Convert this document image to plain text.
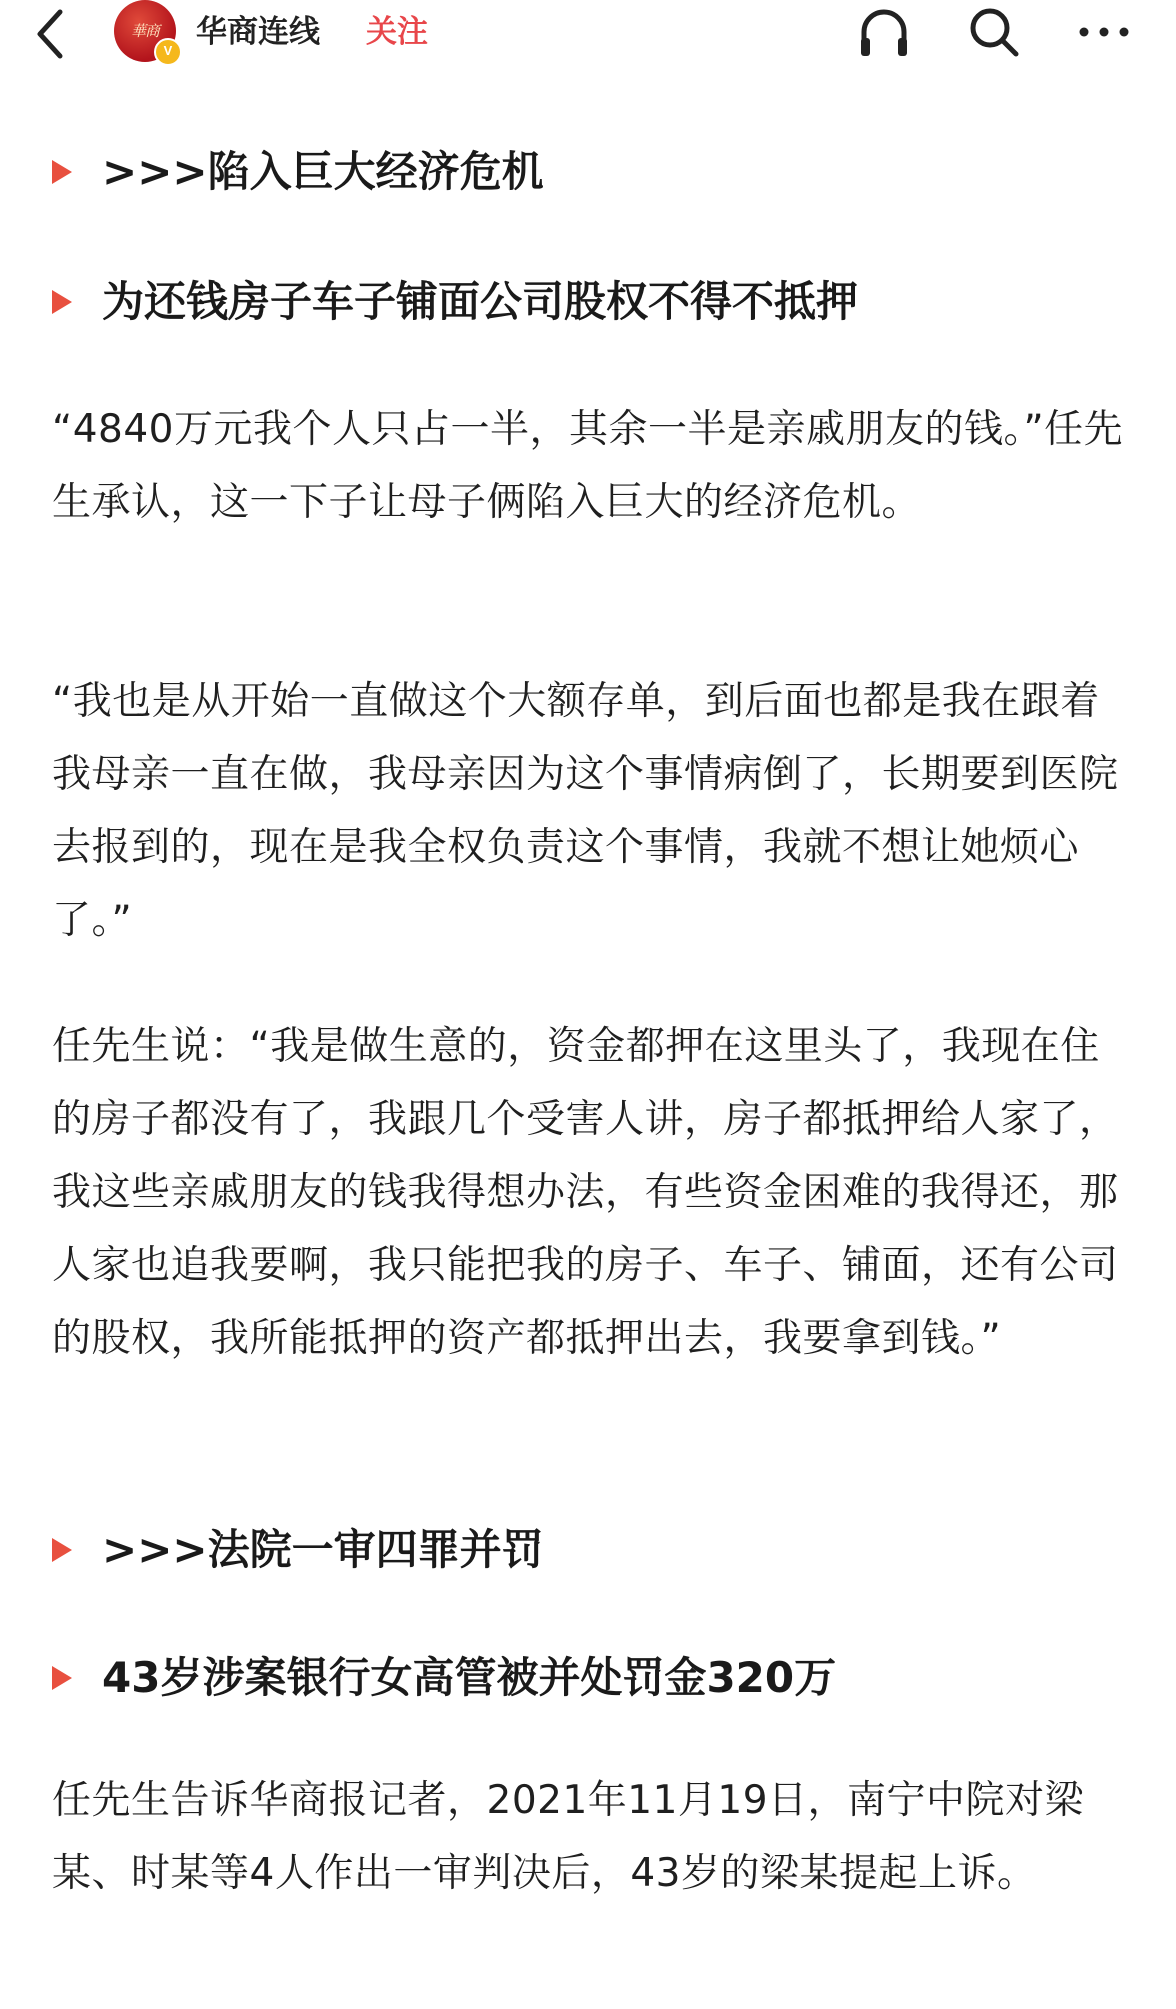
華商
V
华商连线 关注
>>>陷入巨大经济危机
为还钱房子车子铺面公司股权不得不抵押

“4840万元我个人只占一半，其余一半是亲戚朋友的钱。”任先生承认，这一下子让母子俩陷入巨大的经济危机。

“我也是从开始一直做这个大额存单，到后面也都是我在跟着我母亲一直在做，我母亲因为这个事情病倒了，长期要到医院去报到的，现在是我全权负责这个事情，我就不想让她烦心了。”

任先生说：“我是做生意的，资金都押在这里头了，我现在住的房子都没有了，我跟几个受害人讲，房子都抵押给人家了，我这些亲戚朋友的钱我得想办法，有些资金困难的我得还，那人家也追我要啊，我只能把我的房子、车子、铺面，还有公司的股权，我所能抵押的资产都抵押出去，我要拿到钱。”

>>>法院一审四罪并罚
43岁涉案银行女高管被并处罚金320万

任先生告诉华商报记者，2021年11月19日，南宁中院对梁某、时某等4人作出一审判决后，43岁的梁某提起上诉。
